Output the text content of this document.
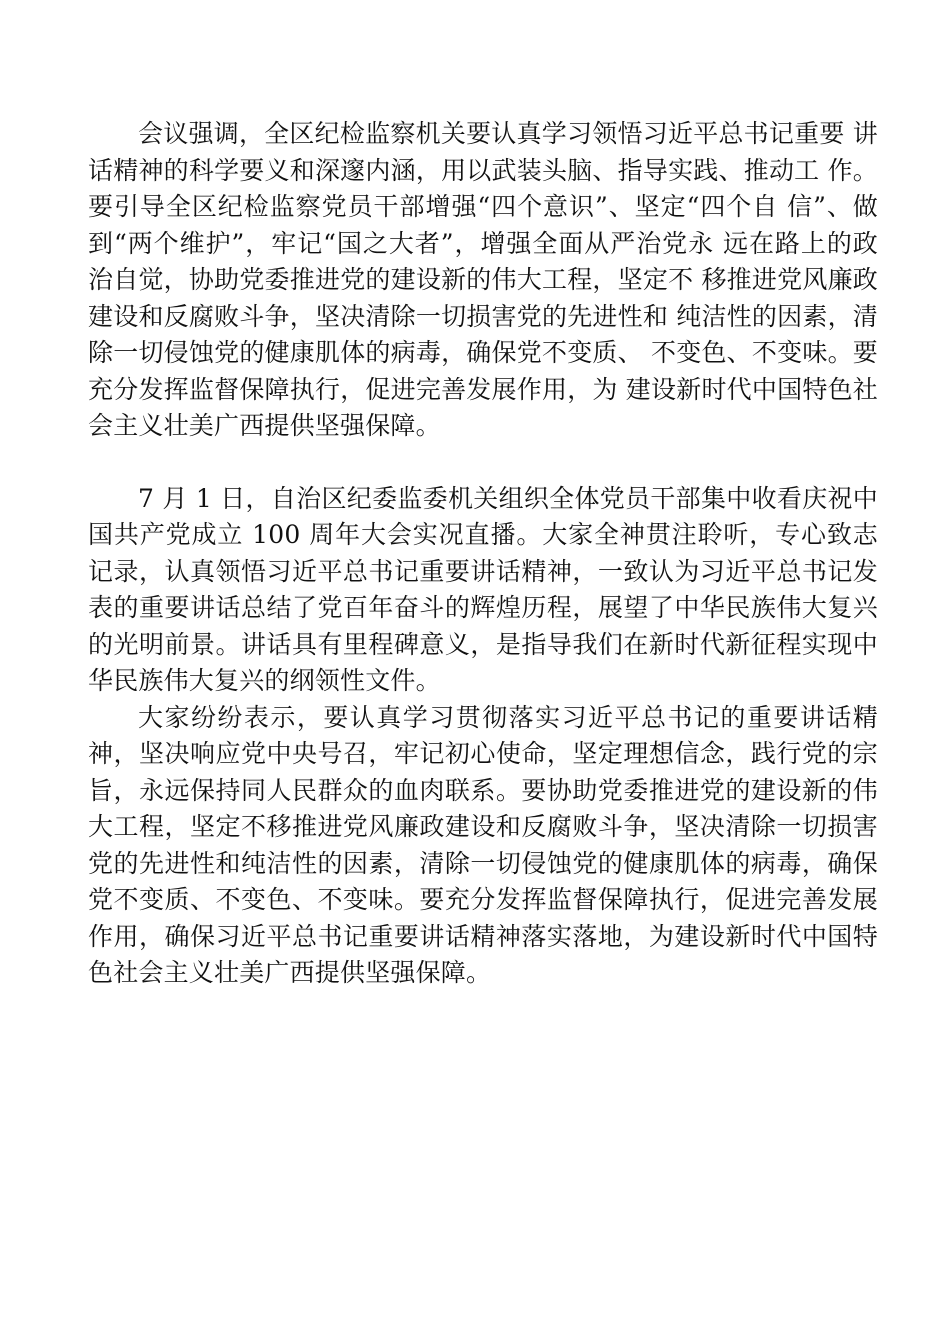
会议强调，全区纪检监察机关要认真学习领悟习近平总书记重要 讲话精神的科学要义和深邃内涵，用以武装头脑、指导实践、推动工 作。要引导全区纪检监察党员干部增强“四个意识”、坚定“四个自 信”、做到“两个维护”，牢记“国之大者”，增强全面从严治党永 远在路上的政治自觉，协助党委推进党的建设新的伟大工程，坚定不 移推进党风廉政建设和反腐败斗争，坚决清除一切损害党的先进性和 纯洁性的因素，清除一切侵蚀党的健康肌体的病毒，确保党不变质、 不变色、不变味。要充分发挥监督保障执行，促进完善发展作用，为 建设新时代中国特色社会主义壮美广西提供坚强保障。

7 月 1 日，自治区纪委监委机关组织全体党员干部集中收看庆祝中国共产党成立 100 周年大会实况直播。大家全神贯注聆听，专心致志记录，认真领悟习近平总书记重要讲话精神，一致认为习近平总书记发表的重要讲话总结了党百年奋斗的辉煌历程，展望了中华民族伟大复兴的光明前景。讲话具有里程碑意义，是指导我们在新时代新征程实现中华民族伟大复兴的纲领性文件。

大家纷纷表示，要认真学习贯彻落实习近平总书记的重要讲话精神，坚决响应党中央号召，牢记初心使命，坚定理想信念，践行党的宗旨，永远保持同人民群众的血肉联系。要协助党委推进党的建设新的伟大工程，坚定不移推进党风廉政建设和反腐败斗争，坚决清除一切损害党的先进性和纯洁性的因素，清除一切侵蚀党的健康肌体的病毒，确保党不变质、不变色、不变味。要充分发挥监督保障执行，促进完善发展作用，确保习近平总书记重要讲话精神落实落地，为建设新时代中国特色社会主义壮美广西提供坚强保障。
